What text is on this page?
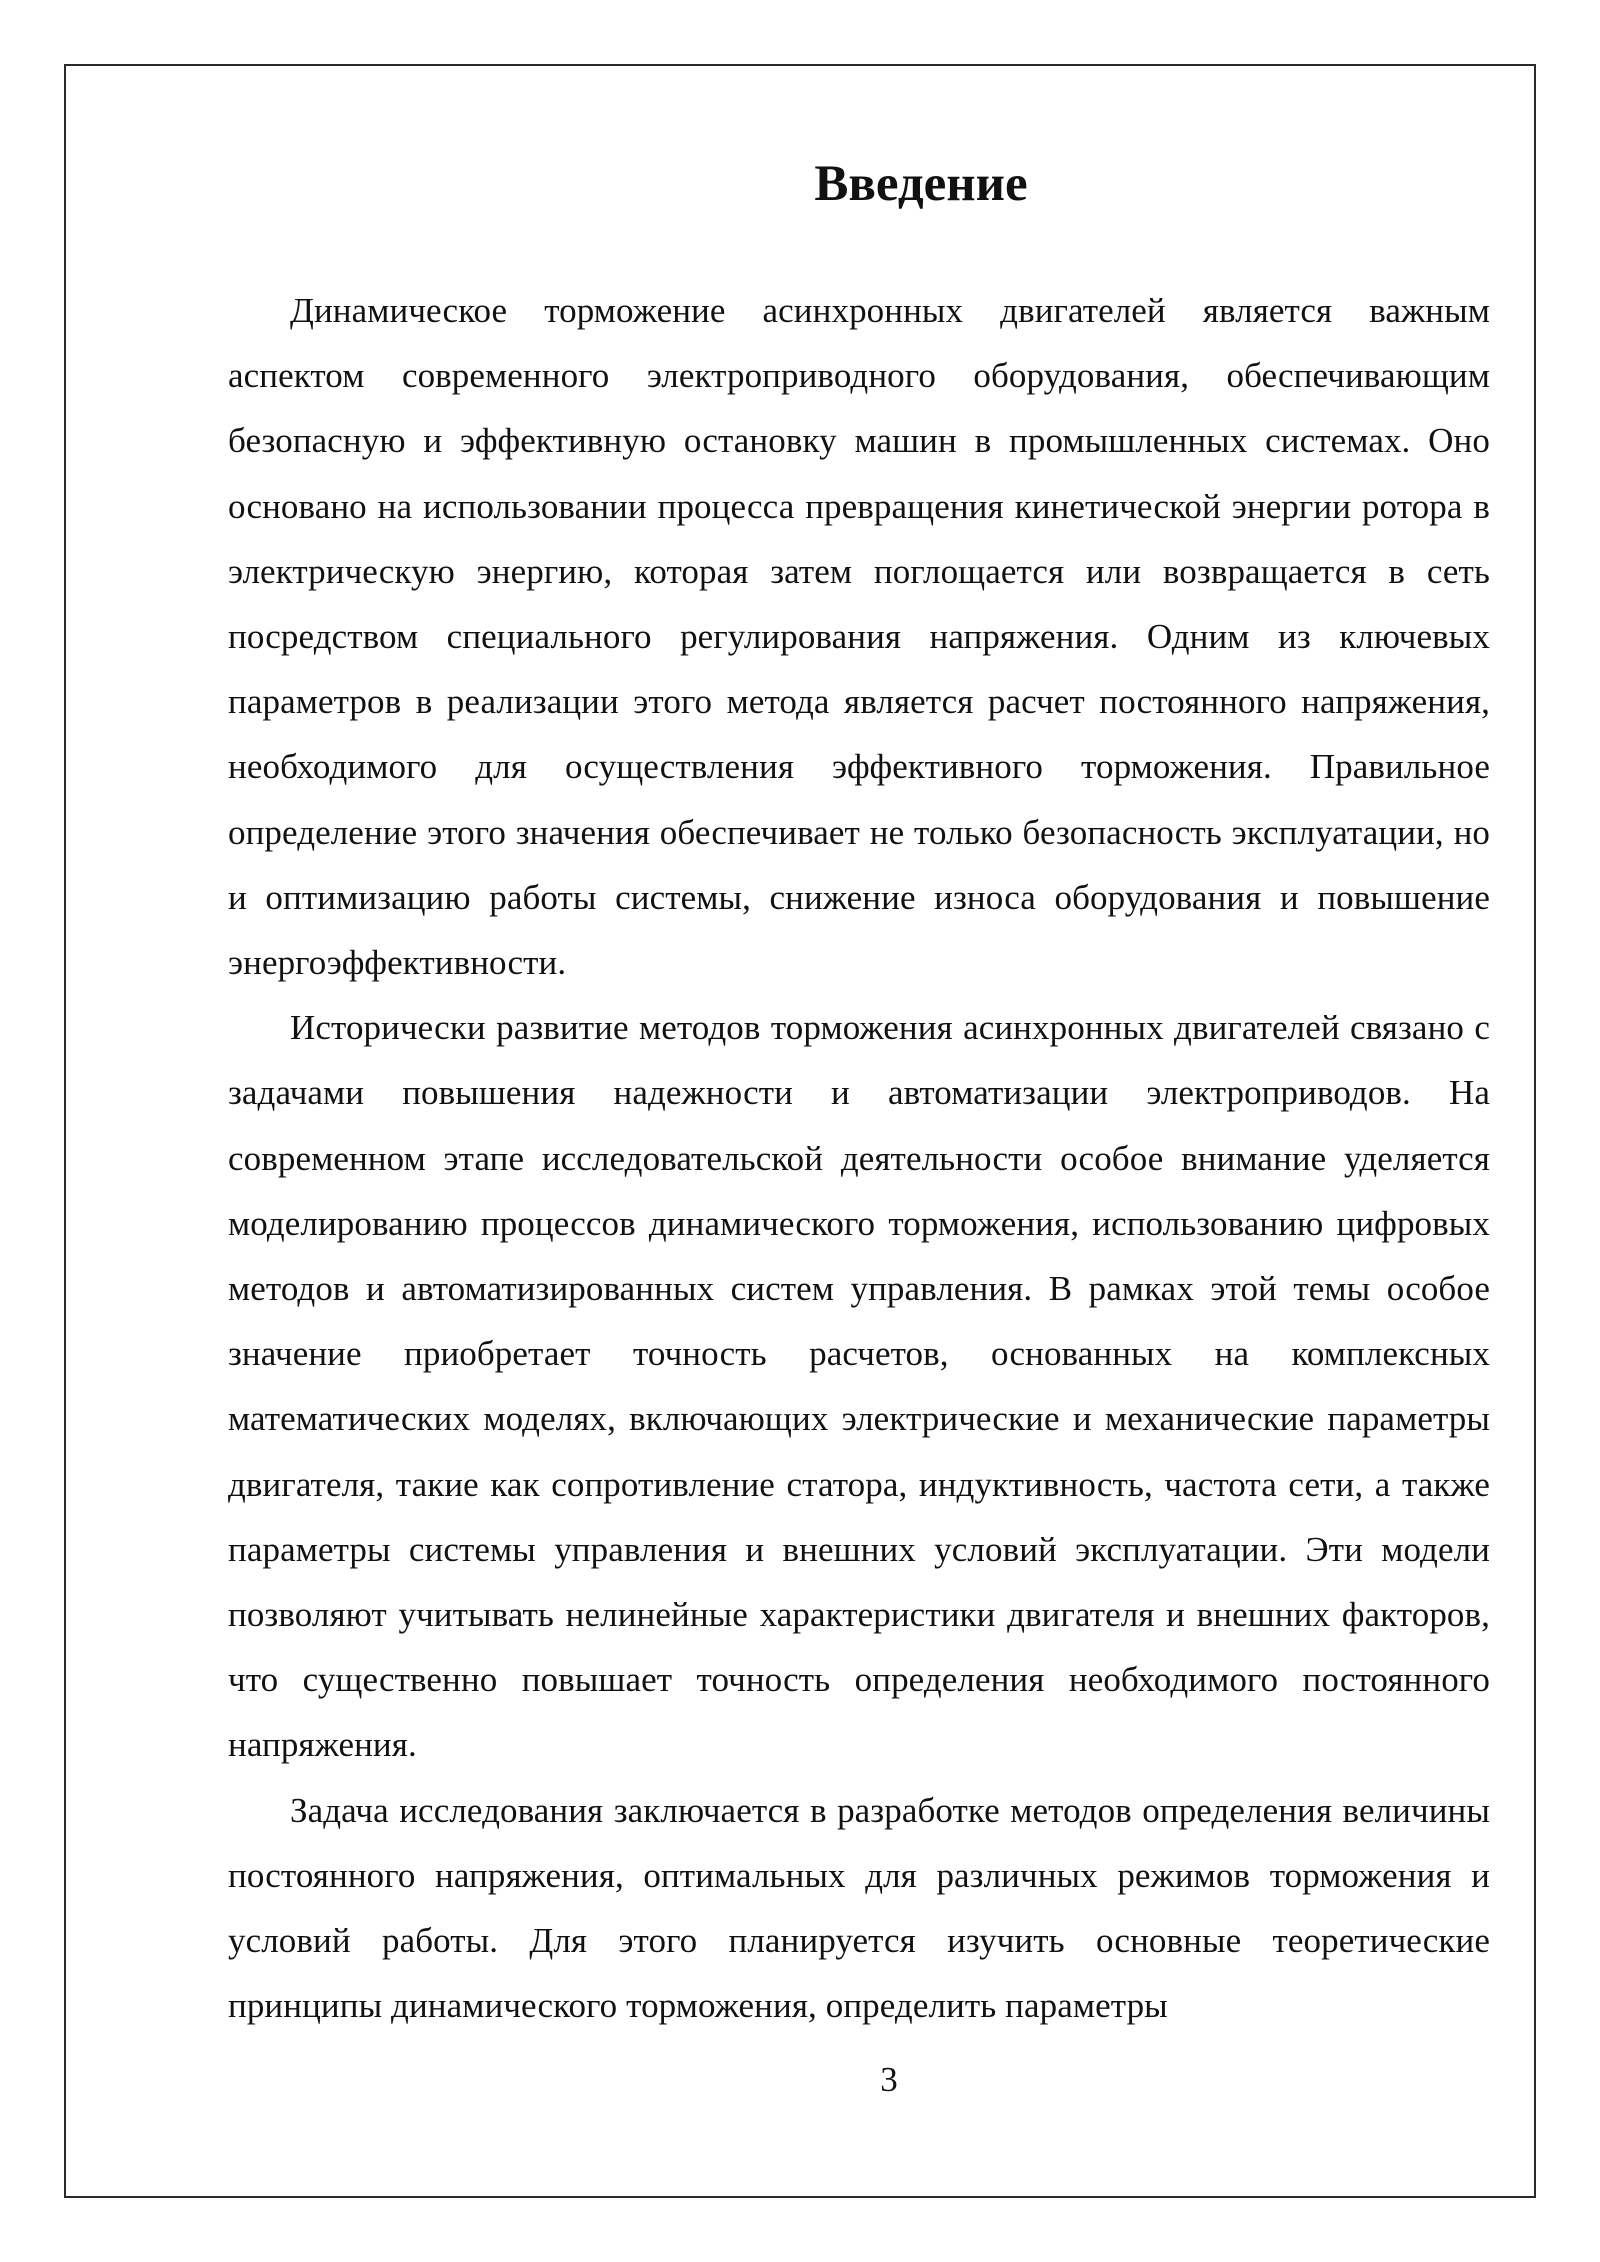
Введение

Динамическое торможение асинхронных двигателей является важным аспектом современного электроприводного оборудования, обеспечивающим безопасную и эффективную остановку машин в промышленных системах. Оно основано на использовании процесса превращения кинетической энергии ротора в электрическую энергию, которая затем поглощается или возвращается в сеть посредством специального регулирования напряжения. Одним из ключевых параметров в реализации этого метода является расчет постоянного напряжения, необходимого для осуществления эффективного торможения. Правильное определение этого значения обеспечивает не только безопасность эксплуатации, но и оптимизацию работы системы, снижение износа оборудования и повышение энергоэффективности.

Исторически развитие методов торможения асинхронных двигателей связано с задачами повышения надежности и автоматизации электроприводов. На современном этапе исследовательской деятельности особое внимание уделяется моделированию процессов динамического торможения, использованию цифровых методов и автоматизированных систем управления. В рамках этой темы особое значение приобретает точность расчетов, основанных на комплексных математических моделях, включающих электрические и механические параметры двигателя, такие как сопротивление статора, индуктивность, частота сети, а также параметры системы управления и внешних условий эксплуатации. Эти модели позволяют учитывать нелинейные характеристики двигателя и внешних факторов, что существенно повышает точность определения необходимого постоянного напряжения.

Задача исследования заключается в разработке методов определения величины постоянного напряжения, оптимальных для различных режимов торможения и условий работы. Для этого планируется изучить основные теоретические принципы динамического торможения, определить параметры

3
